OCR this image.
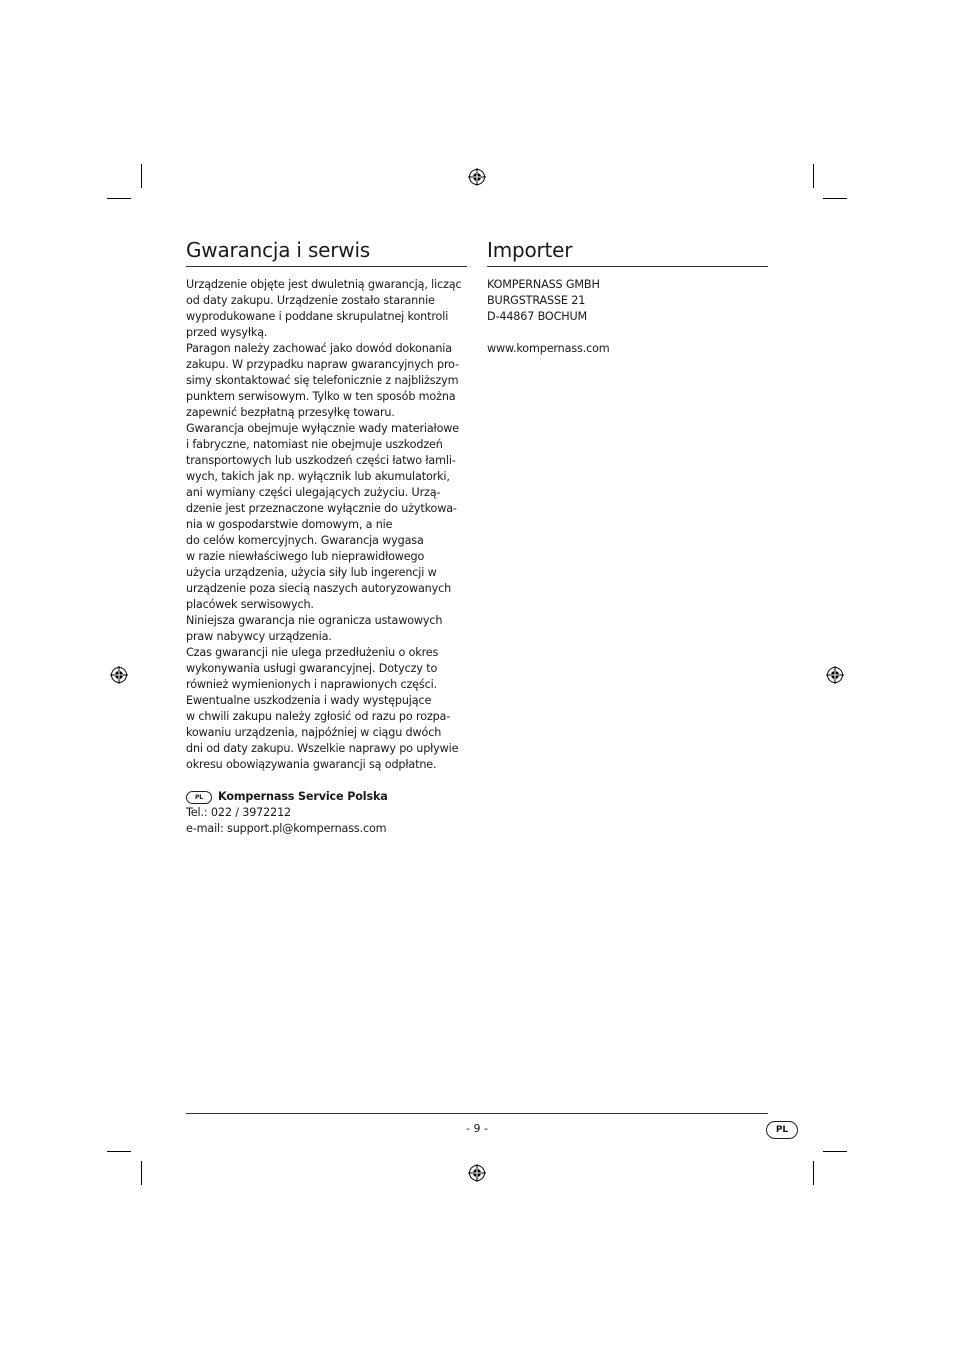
Gwarancja i serwis
Urządzenie objęte jest dwuletnią gwarancją, licząc
od daty zakupu. Urządzenie zostało starannie
wyprodukowane i poddane skrupulatnej kontroli
przed wysyłką.
Paragon należy zachować jako dowód dokonania
zakupu. W przypadku napraw gwarancyjnych pro-
simy skontaktować się telefonicznie z najbliższym
punktem serwisowym. Tylko w ten sposób można
zapewnić bezpłatną przesyłkę towaru.
Gwarancja obejmuje wyłącznie wady materiałowe
i fabryczne, natomiast nie obejmuje uszkodzeń
transportowych lub uszkodzeń części łatwo łamli-
wych, takich jak np. wyłącznik lub akumulatorki,
ani wymiany części ulegających zużyciu. Urzą-
dzenie jest przeznaczone wyłącznie do użytkowa-
nia w gospodarstwie domowym, a nie
do celów komercyjnych. Gwarancja wygasa
w razie niewłaściwego lub nieprawidłowego
użycia urządzenia, użycia siły lub ingerencji w
urządzenie poza siecią naszych autoryzowanych
placówek serwisowych.
Niniejsza gwarancja nie ogranicza ustawowych
praw nabywcy urządzenia.
Czas gwarancji nie ulega przedłużeniu o okres
wykonywania usługi gwarancyjnej. Dotyczy to
również wymienionych i naprawionych części.
Ewentualne uszkodzenia i wady występujące
w chwili zakupu należy zgłosić od razu po rozpa-
kowaniu urządzenia, najpóźniej w ciągu dwóch
dni od daty zakupu. Wszelkie naprawy po upływie
okresu obowiązywania gwarancji są odpłatne.
PL Kompernass Service Polska
Tel.: 022 / 3972212
e-mail: support.pl@kompernass.com
Importer
KOMPERNASS GMBH
BURGSTRASSE 21
D-44867 BOCHUM
www.kompernass.com
- 9 -	PL
